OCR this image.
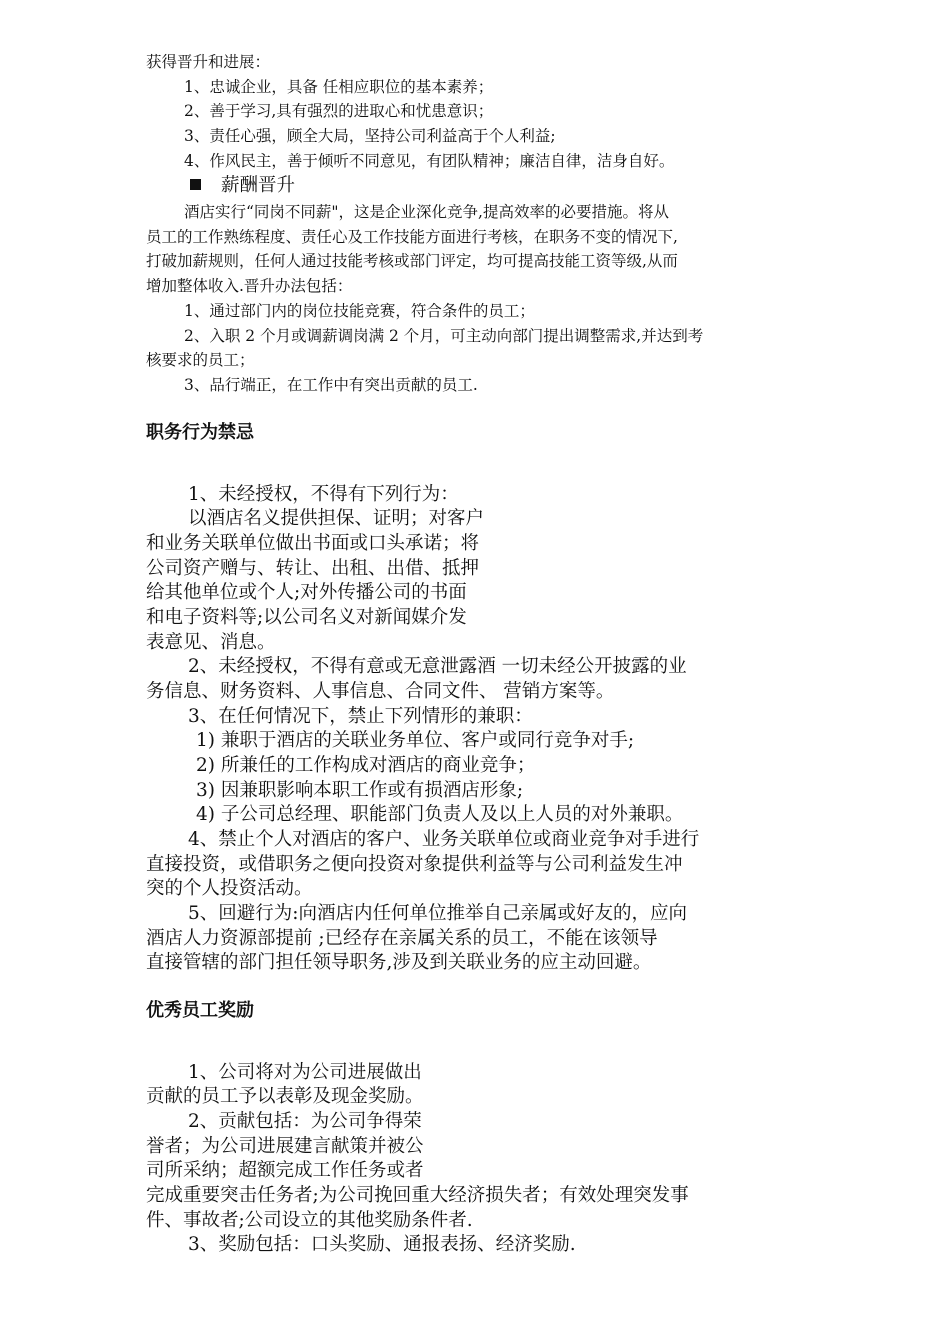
获得晋升和进展：
1、忠诚企业，具备 任相应职位的基本素养；
2、善于学习,具有强烈的进取心和忧患意识；
3、责任心强，顾全大局，坚持公司利益高于个人利益;
4、作风民主，善于倾听不同意见，有团队精神；廉洁自律，洁身自好。
薪酬晋升
酒店实行“同岗不同薪"，这是企业深化竞争,提高效率的必要措施。将从
员工的工作熟练程度、责任心及工作技能方面进行考核，在职务不变的情况下,
打破加薪规则，任何人通过技能考核或部门评定，均可提高技能工资等级,从而
增加整体收入.晋升办法包括：
1、通过部门内的岗位技能竞赛，符合条件的员工；
2、入职 2 个月或调薪调岗满 2 个月，可主动向部门提出调整需求,并达到考
核要求的员工；
3、品行端正，在工作中有突出贡献的员工.
职务行为禁忌
1、未经授权，不得有下列行为：
以酒店名义提供担保、证明；对客户
和业务关联单位做出书面或口头承诺；将
公司资产赠与、转让、出租、出借、抵押
给其他单位或个人;对外传播公司的书面
和电子资料等;以公司名义对新闻媒介发
表意见、消息。
2、未经授权，不得有意或无意泄露酒 一切未经公开披露的业
务信息、财务资料、人事信息、合同文件、 营销方案等。
3、在任何情况下，禁止下列情形的兼职：
1) 兼职于酒店的关联业务单位、客户或同行竞争对手;
2) 所兼任的工作构成对酒店的商业竞争；
3) 因兼职影响本职工作或有损酒店形象;
4) 子公司总经理、职能部门负责人及以上人员的对外兼职。
4、禁止个人对酒店的客户、业务关联单位或商业竞争对手进行
直接投资，或借职务之便向投资对象提供利益等与公司利益发生冲
突的个人投资活动。
5、回避行为:向酒店内任何单位推举自己亲属或好友的，应向
酒店人力资源部提前 ;已经存在亲属关系的员工，不能在该领导
直接管辖的部门担任领导职务,涉及到关联业务的应主动回避。
优秀员工奖励
1、公司将对为公司进展做出
贡献的员工予以表彰及现金奖励。
2、贡献包括：为公司争得荣
誉者；为公司进展建言献策并被公
司所采纳；超额完成工作任务或者
完成重要突击任务者;为公司挽回重大经济损失者；有效处理突发事
件、事故者;公司设立的其他奖励条件者.
3、奖励包括：口头奖励、通报表扬、经济奖励.
